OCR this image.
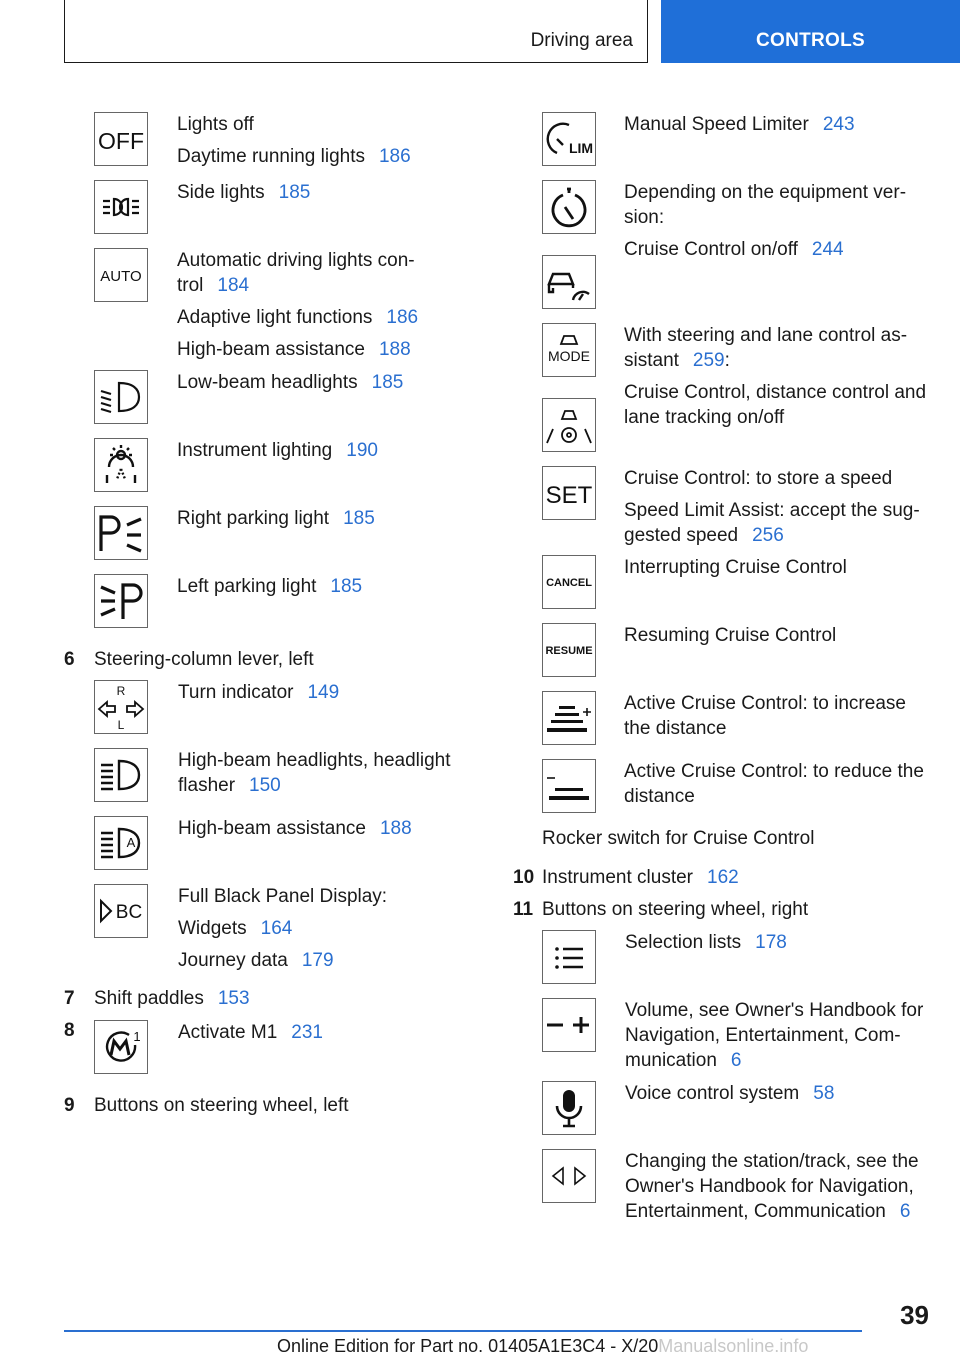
Driving area	CONTROLS
OFF
Lights off
Daytime running lights 186
Side lights 185
AUTO
Automatic driving lights con-
trol 184
Adaptive light functions 186
High-beam assistance 188
Low-beam headlights 185
Instrument lighting 190
Right parking light 185
Left parking light 185
6 Steering-column lever, left
R
L
Turn indicator 149
High-beam headlights, headlight
flasher 150
A
High-beam assistance 188
BC
Full Black Panel Display:
Widgets 164
Journey data 179
7 Shift paddles 153
8	1 Activate M1 231
9 Buttons on steering wheel, left
LIM
Manual Speed Limiter 243
Depending on the equipment ver-
sion:
Cruise Control on/off 244
MODE
With steering and lane control as-
sistant 259:
Cruise Control, distance control and
lane tracking on/off
SET
Cruise Control: to store a speed
Speed Limit Assist: accept the sug-
gested speed 256
CANCEL
Interrupting Cruise Control
RESUME
Resuming Cruise Control
Active Cruise Control: to increase
the distance
Active Cruise Control: to reduce the
distance
Rocker switch for Cruise Control
10 Instrument cluster 162
11 Buttons on steering wheel, right
Selection lists 178
Volume, see Owner's Handbook for
Navigation, Entertainment, Com-
munication 6
Voice control system 58
Changing the station/track, see the
Owner's Handbook for Navigation,
Entertainment, Communication 6
39
Online Edition for Part no. 01405A1E3C4 - X/20Manualsonline.info
